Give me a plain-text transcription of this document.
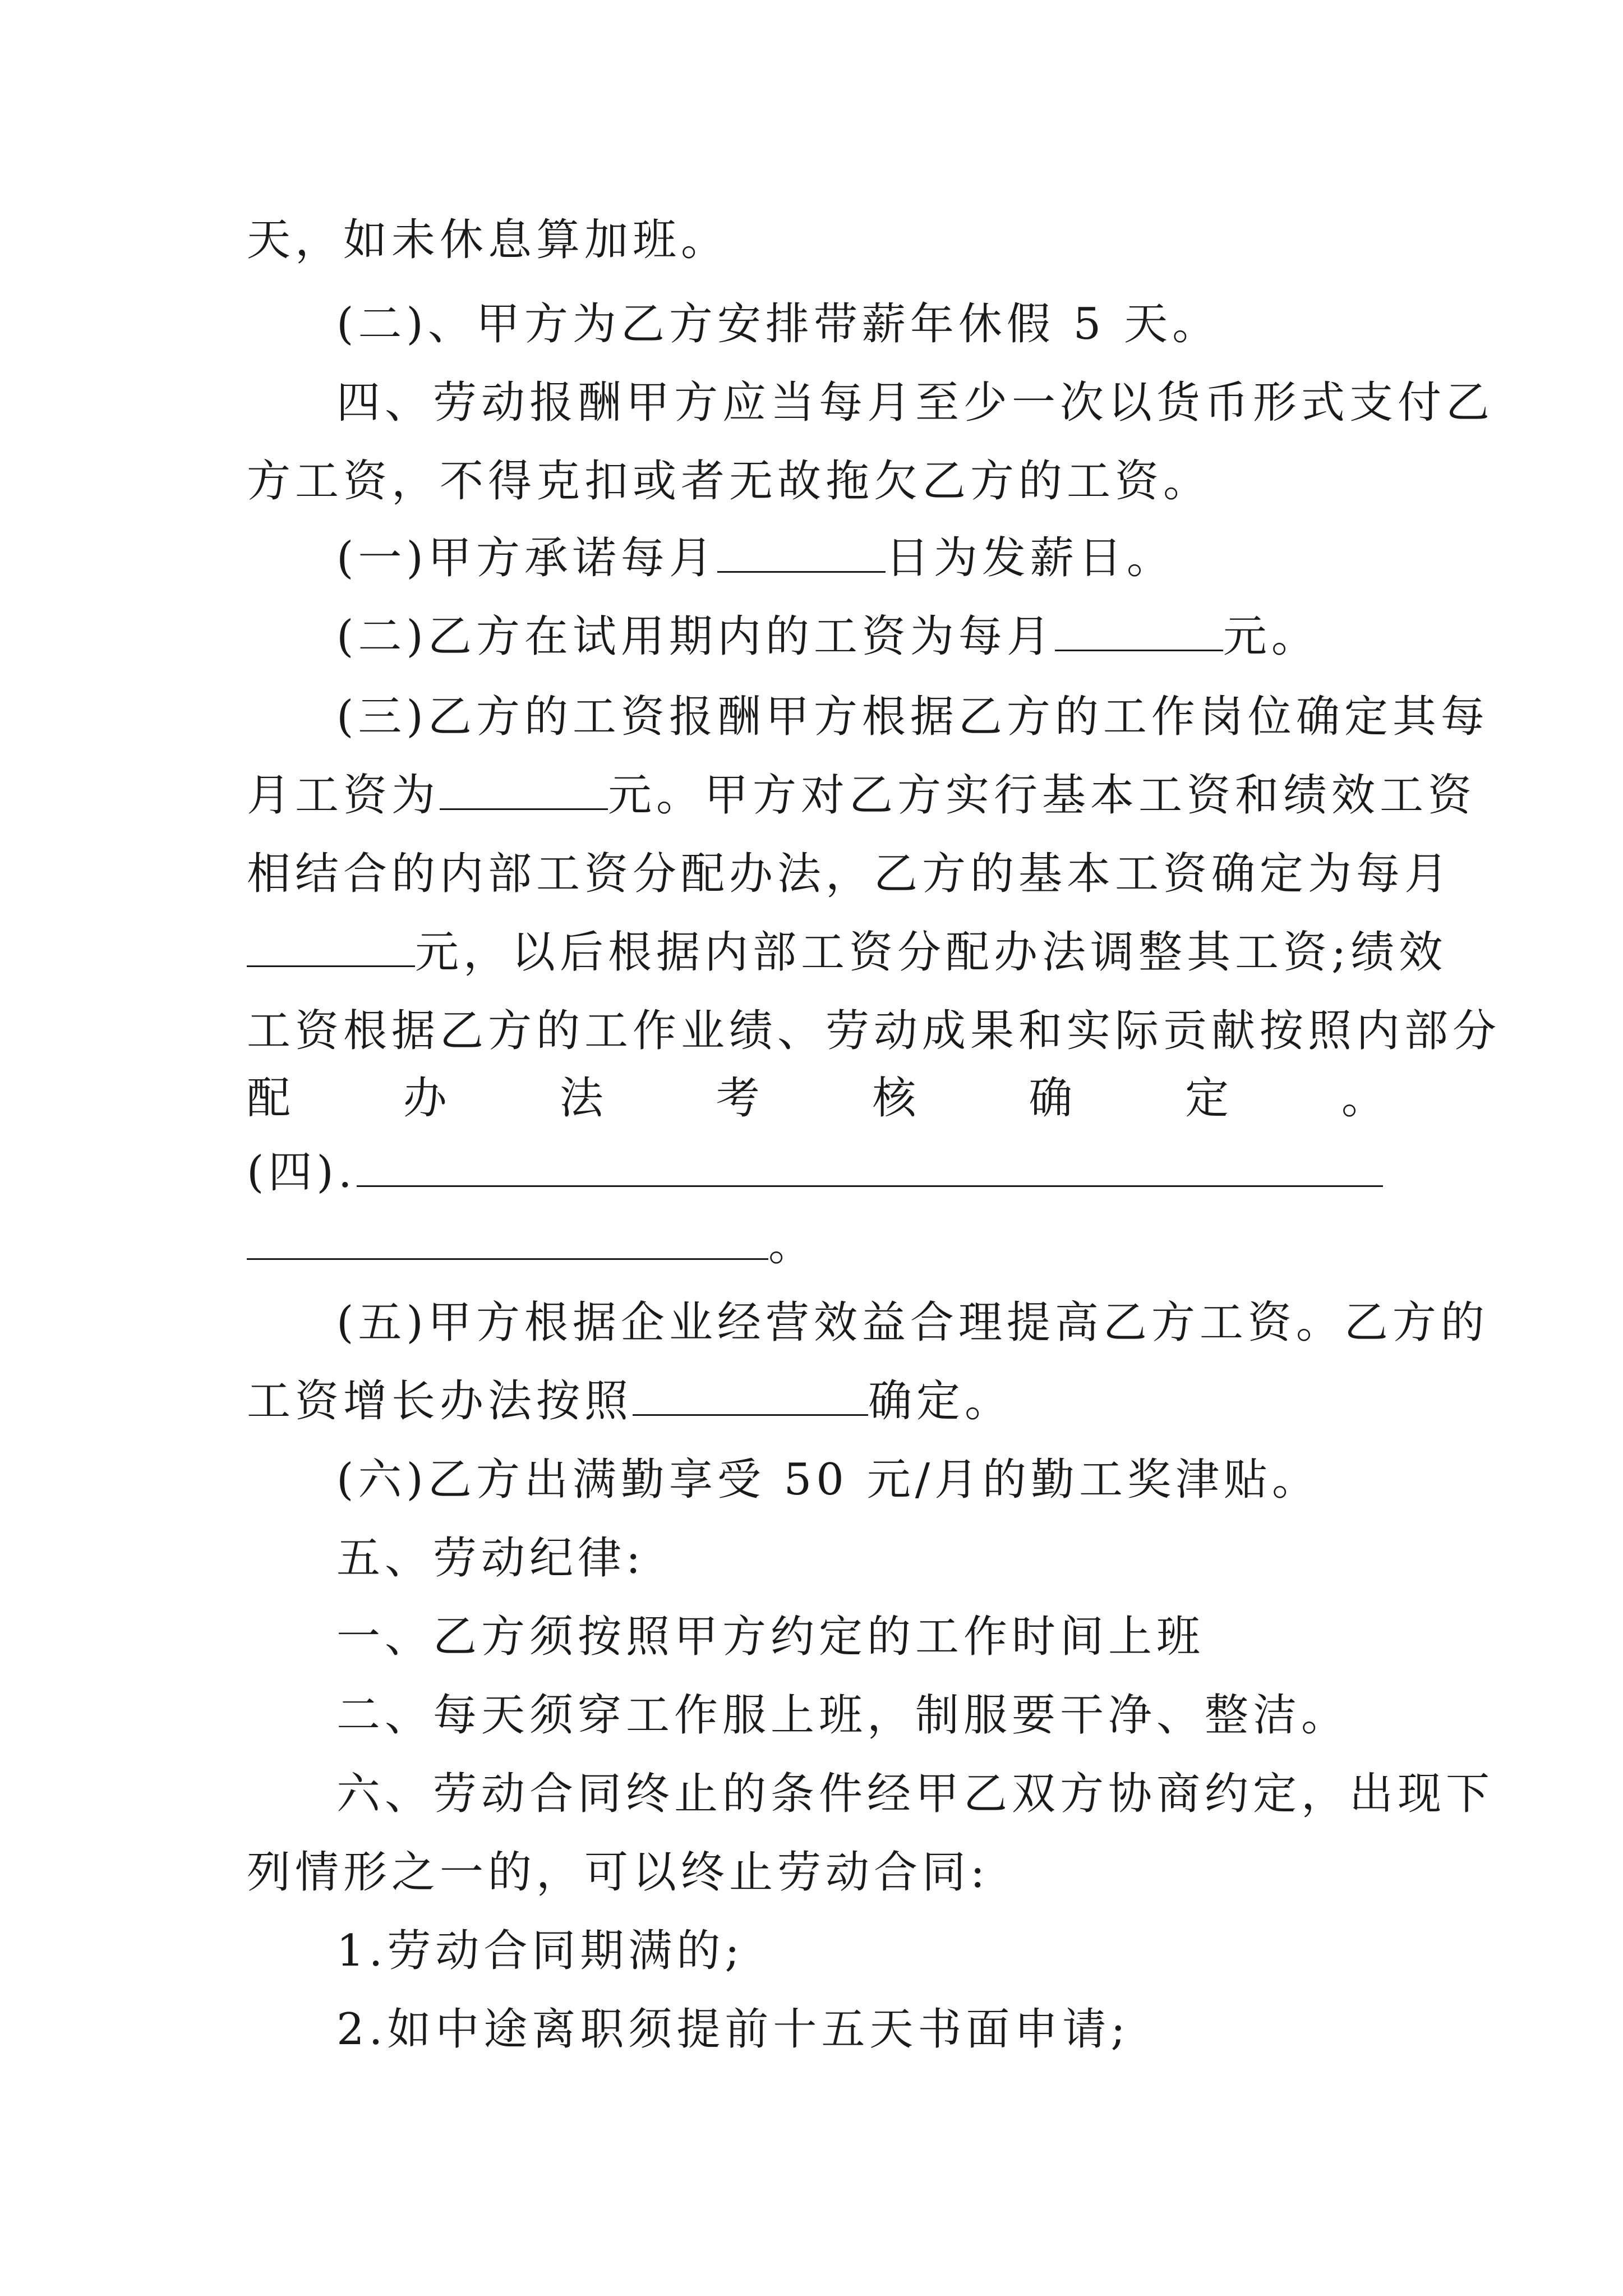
天，如未休息算加班。
(二)、甲方为乙方安排带薪年休假 5 天。
四、劳动报酬甲方应当每月至少一次以货币形式支付乙
方工资，不得克扣或者无故拖欠乙方的工资。
(一)甲方承诺每月	日为发薪日。
(二)乙方在试用期内的工资为每月	元。
(三)乙方的工资报酬甲方根据乙方的工作岗位确定其每
月工资为	元。甲方对乙方实行基本工资和绩效工资
相结合的内部工资分配办法，乙方的基本工资确定为每月
元，以后根据内部工资分配办法调整其工资;绩效
工资根据乙方的工作业绩、劳动成果和实际贡献按照内部分
配	办	法	考	核	确	定	。
(四).
。
(五)甲方根据企业经营效益合理提高乙方工资。乙方的
工资增长办法按照	确定。
(六)乙方出满勤享受 50 元/月的勤工奖津贴。
五、劳动纪律:
一、乙方须按照甲方约定的工作时间上班
二、每天须穿工作服上班，制服要干净、整洁。
六、劳动合同终止的条件经甲乙双方协商约定，出现下
列情形之一的，可以终止劳动合同:
1.劳动合同期满的;
2.如中途离职须提前十五天书面申请;
